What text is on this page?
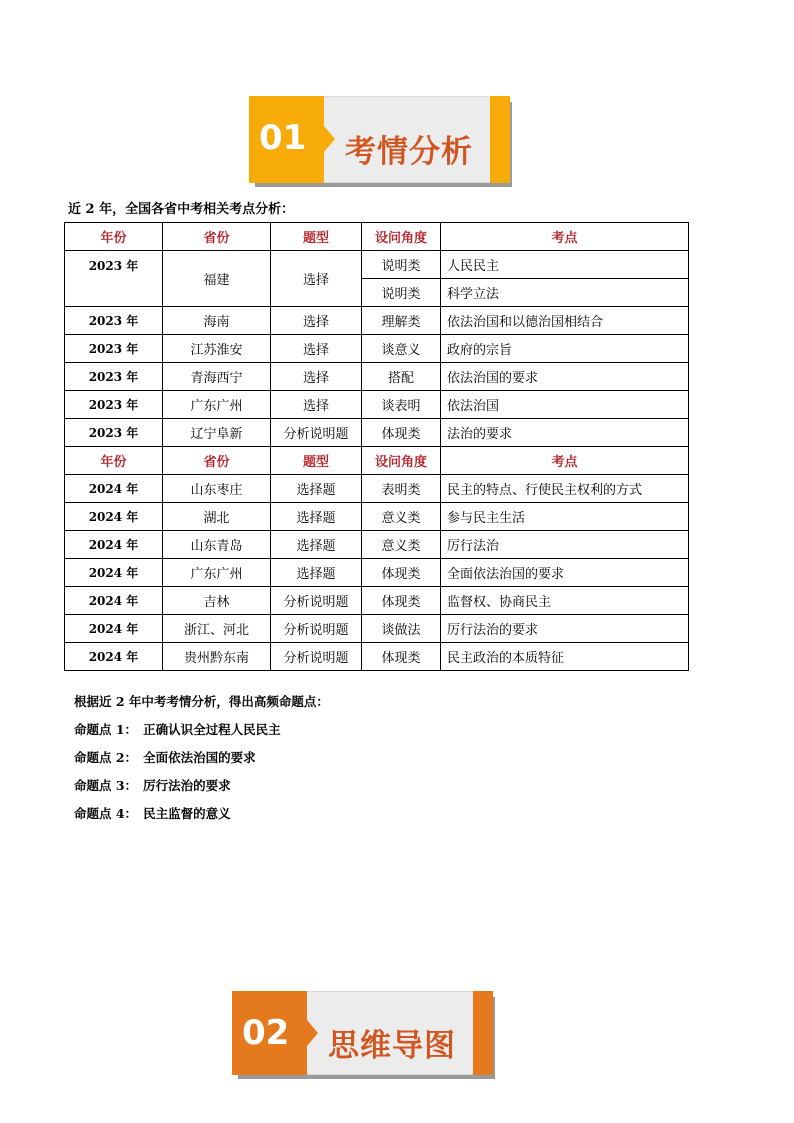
01 考情分析
近 2 年，全国各省中考相关考点分析：
年份	省份	题型	设问角度	考点
2023 年	福建	选择	说明类	人民民主
			说明类	科学立法
2023 年	海南	选择	理解类	依法治国和以德治国相结合
2023 年	江苏淮安	选择	谈意义	政府的宗旨
2023 年	青海西宁	选择	搭配	依法治国的要求
2023 年	广东广州	选择	谈表明	依法治国
2023 年	辽宁阜新	分析说明题	体现类	法治的要求
年份	省份	题型	设问角度	考点
2024 年	山东枣庄	选择题	表明类	民主的特点、行使民主权利的方式
2024 年	湖北	选择题	意义类	参与民主生活
2024 年	山东青岛	选择题	意义类	厉行法治
2024 年	广东广州	选择题	体现类	全面依法治国的要求
2024 年	吉林	分析说明题	体现类	监督权、协商民主
2024 年	浙江、河北	分析说明题	谈做法	厉行法治的要求
2024 年	贵州黔东南	分析说明题	体现类	民主政治的本质特征
根据近 2 年中考考情分析，得出高频命题点：
命题点 1： 正确认识全过程人民民主
命题点 2： 全面依法治国的要求
命题点 3： 厉行法治的要求
命题点 4： 民主监督的意义
02 思维导图
